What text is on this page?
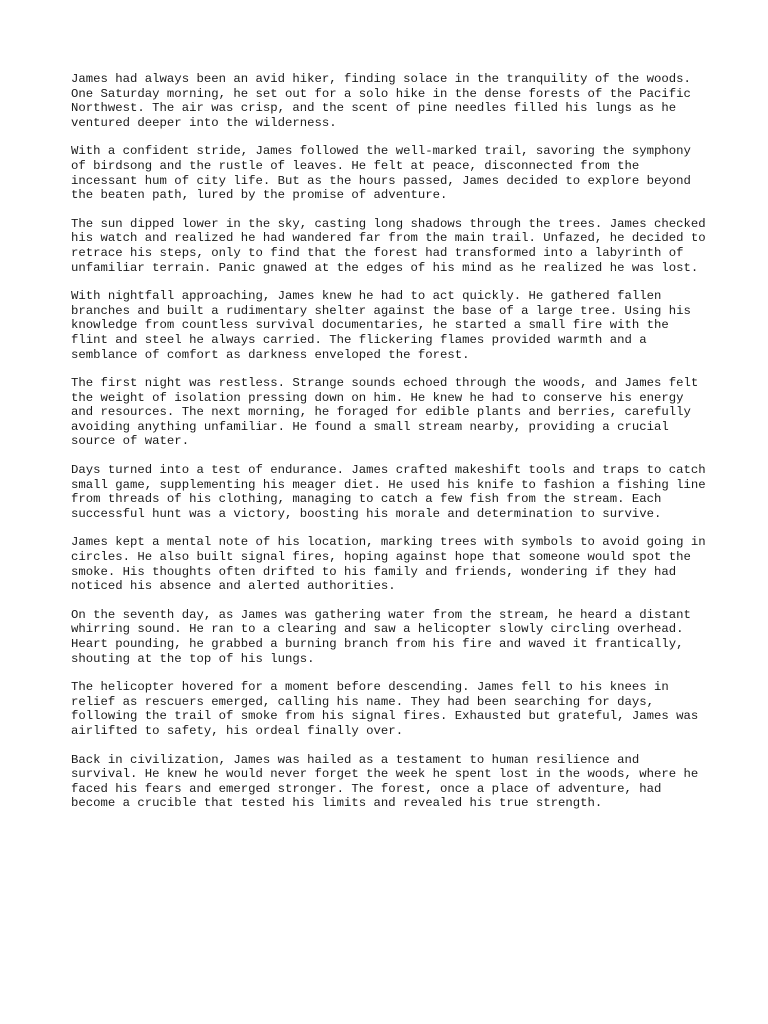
James had always been an avid hiker, finding solace in the tranquility of the woods. One Saturday morning, he set out for a solo hike in the dense forests of the Pacific Northwest. The air was crisp, and the scent of pine needles filled his lungs as he ventured deeper into the wilderness.

With a confident stride, James followed the well-marked trail, savoring the symphony of birdsong and the rustle of leaves. He felt at peace, disconnected from the incessant hum of city life. But as the hours passed, James decided to explore beyond the beaten path, lured by the promise of adventure.

The sun dipped lower in the sky, casting long shadows through the trees. James checked his watch and realized he had wandered far from the main trail. Unfazed, he decided to retrace his steps, only to find that the forest had transformed into a labyrinth of unfamiliar terrain. Panic gnawed at the edges of his mind as he realized he was lost.

With nightfall approaching, James knew he had to act quickly. He gathered fallen branches and built a rudimentary shelter against the base of a large tree. Using his knowledge from countless survival documentaries, he started a small fire with the flint and steel he always carried. The flickering flames provided warmth and a semblance of comfort as darkness enveloped the forest.

The first night was restless. Strange sounds echoed through the woods, and James felt the weight of isolation pressing down on him. He knew he had to conserve his energy and resources. The next morning, he foraged for edible plants and berries, carefully avoiding anything unfamiliar. He found a small stream nearby, providing a crucial source of water.

Days turned into a test of endurance. James crafted makeshift tools and traps to catch small game, supplementing his meager diet. He used his knife to fashion a fishing line from threads of his clothing, managing to catch a few fish from the stream. Each successful hunt was a victory, boosting his morale and determination to survive.

James kept a mental note of his location, marking trees with symbols to avoid going in circles. He also built signal fires, hoping against hope that someone would spot the smoke. His thoughts often drifted to his family and friends, wondering if they had noticed his absence and alerted authorities.

On the seventh day, as James was gathering water from the stream, he heard a distant whirring sound. He ran to a clearing and saw a helicopter slowly circling overhead. Heart pounding, he grabbed a burning branch from his fire and waved it frantically, shouting at the top of his lungs.

The helicopter hovered for a moment before descending. James fell to his knees in relief as rescuers emerged, calling his name. They had been searching for days, following the trail of smoke from his signal fires. Exhausted but grateful, James was airlifted to safety, his ordeal finally over.

Back in civilization, James was hailed as a testament to human resilience and survival. He knew he would never forget the week he spent lost in the woods, where he faced his fears and emerged stronger. The forest, once a place of adventure, had become a crucible that tested his limits and revealed his true strength.
